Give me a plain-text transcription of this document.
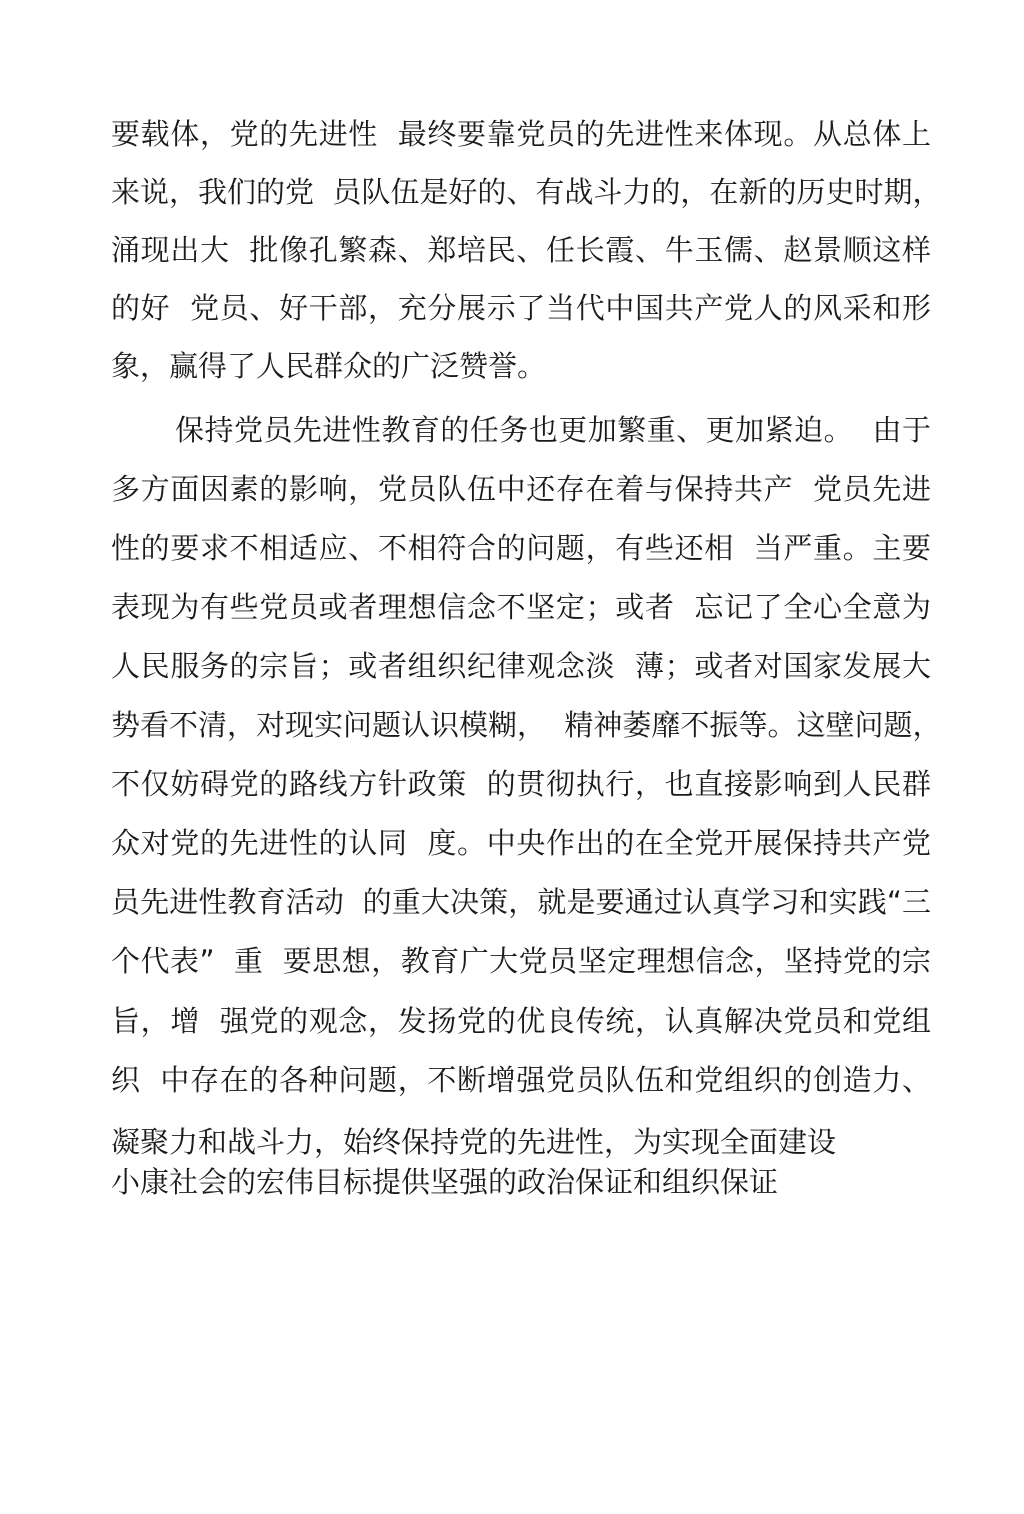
要载体，党的先进性  最终要靠党员的先进性来体现。从总体上
来说，我们的党  员队伍是好的、有战斗力的，在新的历史时期，
涌现出大  批像孔繁森、郑培民、任长霞、牛玉儒、赵景顺这样
的好  党员、好干部，充分展示了当代中国共产党人的风采和形
象，赢得了人民群众的广泛赞誉。
保持党员先进性教育的任务也更加繁重、更加紧迫。  由于
多方面因素的影响，党员队伍中还存在着与保持共产  党员先进
性的要求不相适应、不相符合的问题，有些还相  当严重。主要
表现为有些党员或者理想信念不坚定；或者  忘记了全心全意为
人民服务的宗旨；或者组织纪律观念淡  薄；或者对国家发展大
势看不清，对现实问题认识模糊，  精神萎靡不振等。这壁问题，
不仅妨碍党的路线方针政策  的贯彻执行，也直接影响到人民群
众对党的先进性的认同  度。中央作出的在全党开展保持共产党
员先进性教育活动  的重大决策，就是要通过认真学习和实践“三
个代表”  重  要思想，教育广大党员坚定理想信念，坚持党的宗
旨，增  强党的观念，发扬党的优良传统，认真解决党员和党组
织  中存在的各种问题，不断增强党员队伍和党组织的创造力、
凝聚力和战斗力，始终保持党的先进性，为实现全面建设
小康社会的宏伟目标提供坚强的政治保证和组织保证
